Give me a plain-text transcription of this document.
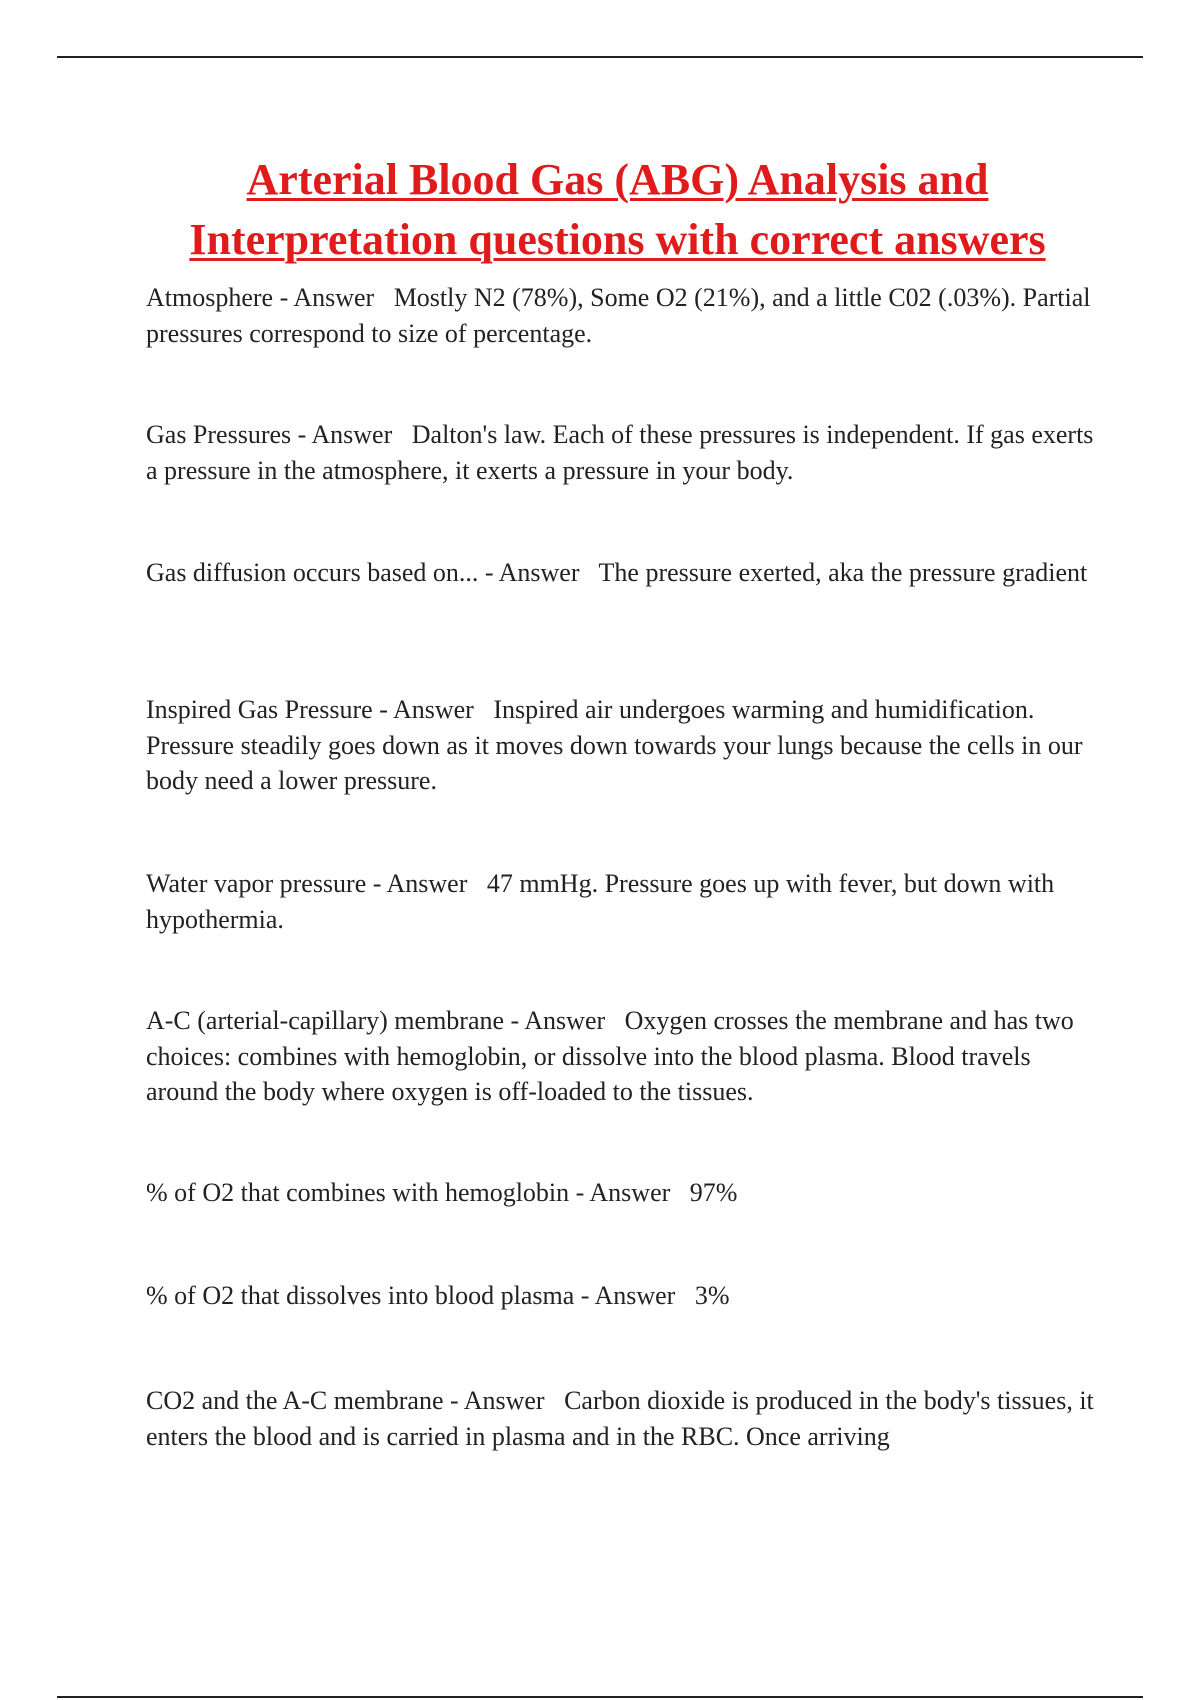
Arterial Blood Gas (ABG) Analysis and
Interpretation questions with correct answers

Atmosphere - Answer   Mostly N2 (78%), Some O2 (21%), and a little C02 (.03%). Partial pressures correspond to size of percentage.

Gas Pressures - Answer   Dalton's law. Each of these pressures is independent. If gas exerts a pressure in the atmosphere, it exerts a pressure in your body.

Gas diffusion occurs based on... - Answer   The pressure exerted, aka the pressure gradient

Inspired Gas Pressure - Answer   Inspired air undergoes warming and humidification. Pressure steadily goes down as it moves down towards your lungs because the cells in our body need a lower pressure.

Water vapor pressure - Answer   47 mmHg. Pressure goes up with fever, but down with hypothermia.

A-C (arterial-capillary) membrane - Answer   Oxygen crosses the membrane and has two choices: combines with hemoglobin, or dissolve into the blood plasma. Blood travels around the body where oxygen is off-loaded to the tissues.

% of O2 that combines with hemoglobin - Answer   97%

% of O2 that dissolves into blood plasma - Answer   3%

CO2 and the A-C membrane - Answer   Carbon dioxide is produced in the body's tissues, it enters the blood and is carried in plasma and in the RBC. Once arriving
